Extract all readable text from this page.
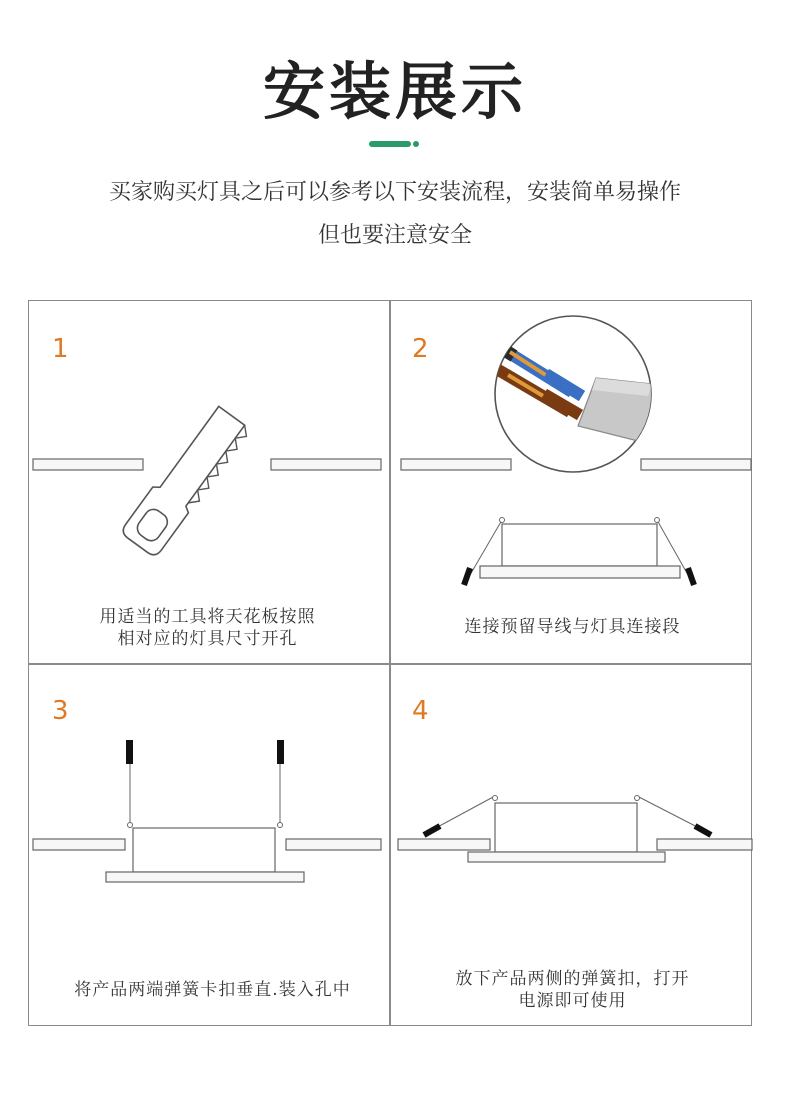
安装展示
买家购买灯具之后可以参考以下安装流程，安装简单易操作
但也要注意安全
1	2
3	4
用适当的工具将天花板按照
相对应的灯具尺寸开孔
连接预留导线与灯具连接段
将产品两端弹簧卡扣垂直.装入孔中
放下产品两侧的弹簧扣，打开
电源即可使用
